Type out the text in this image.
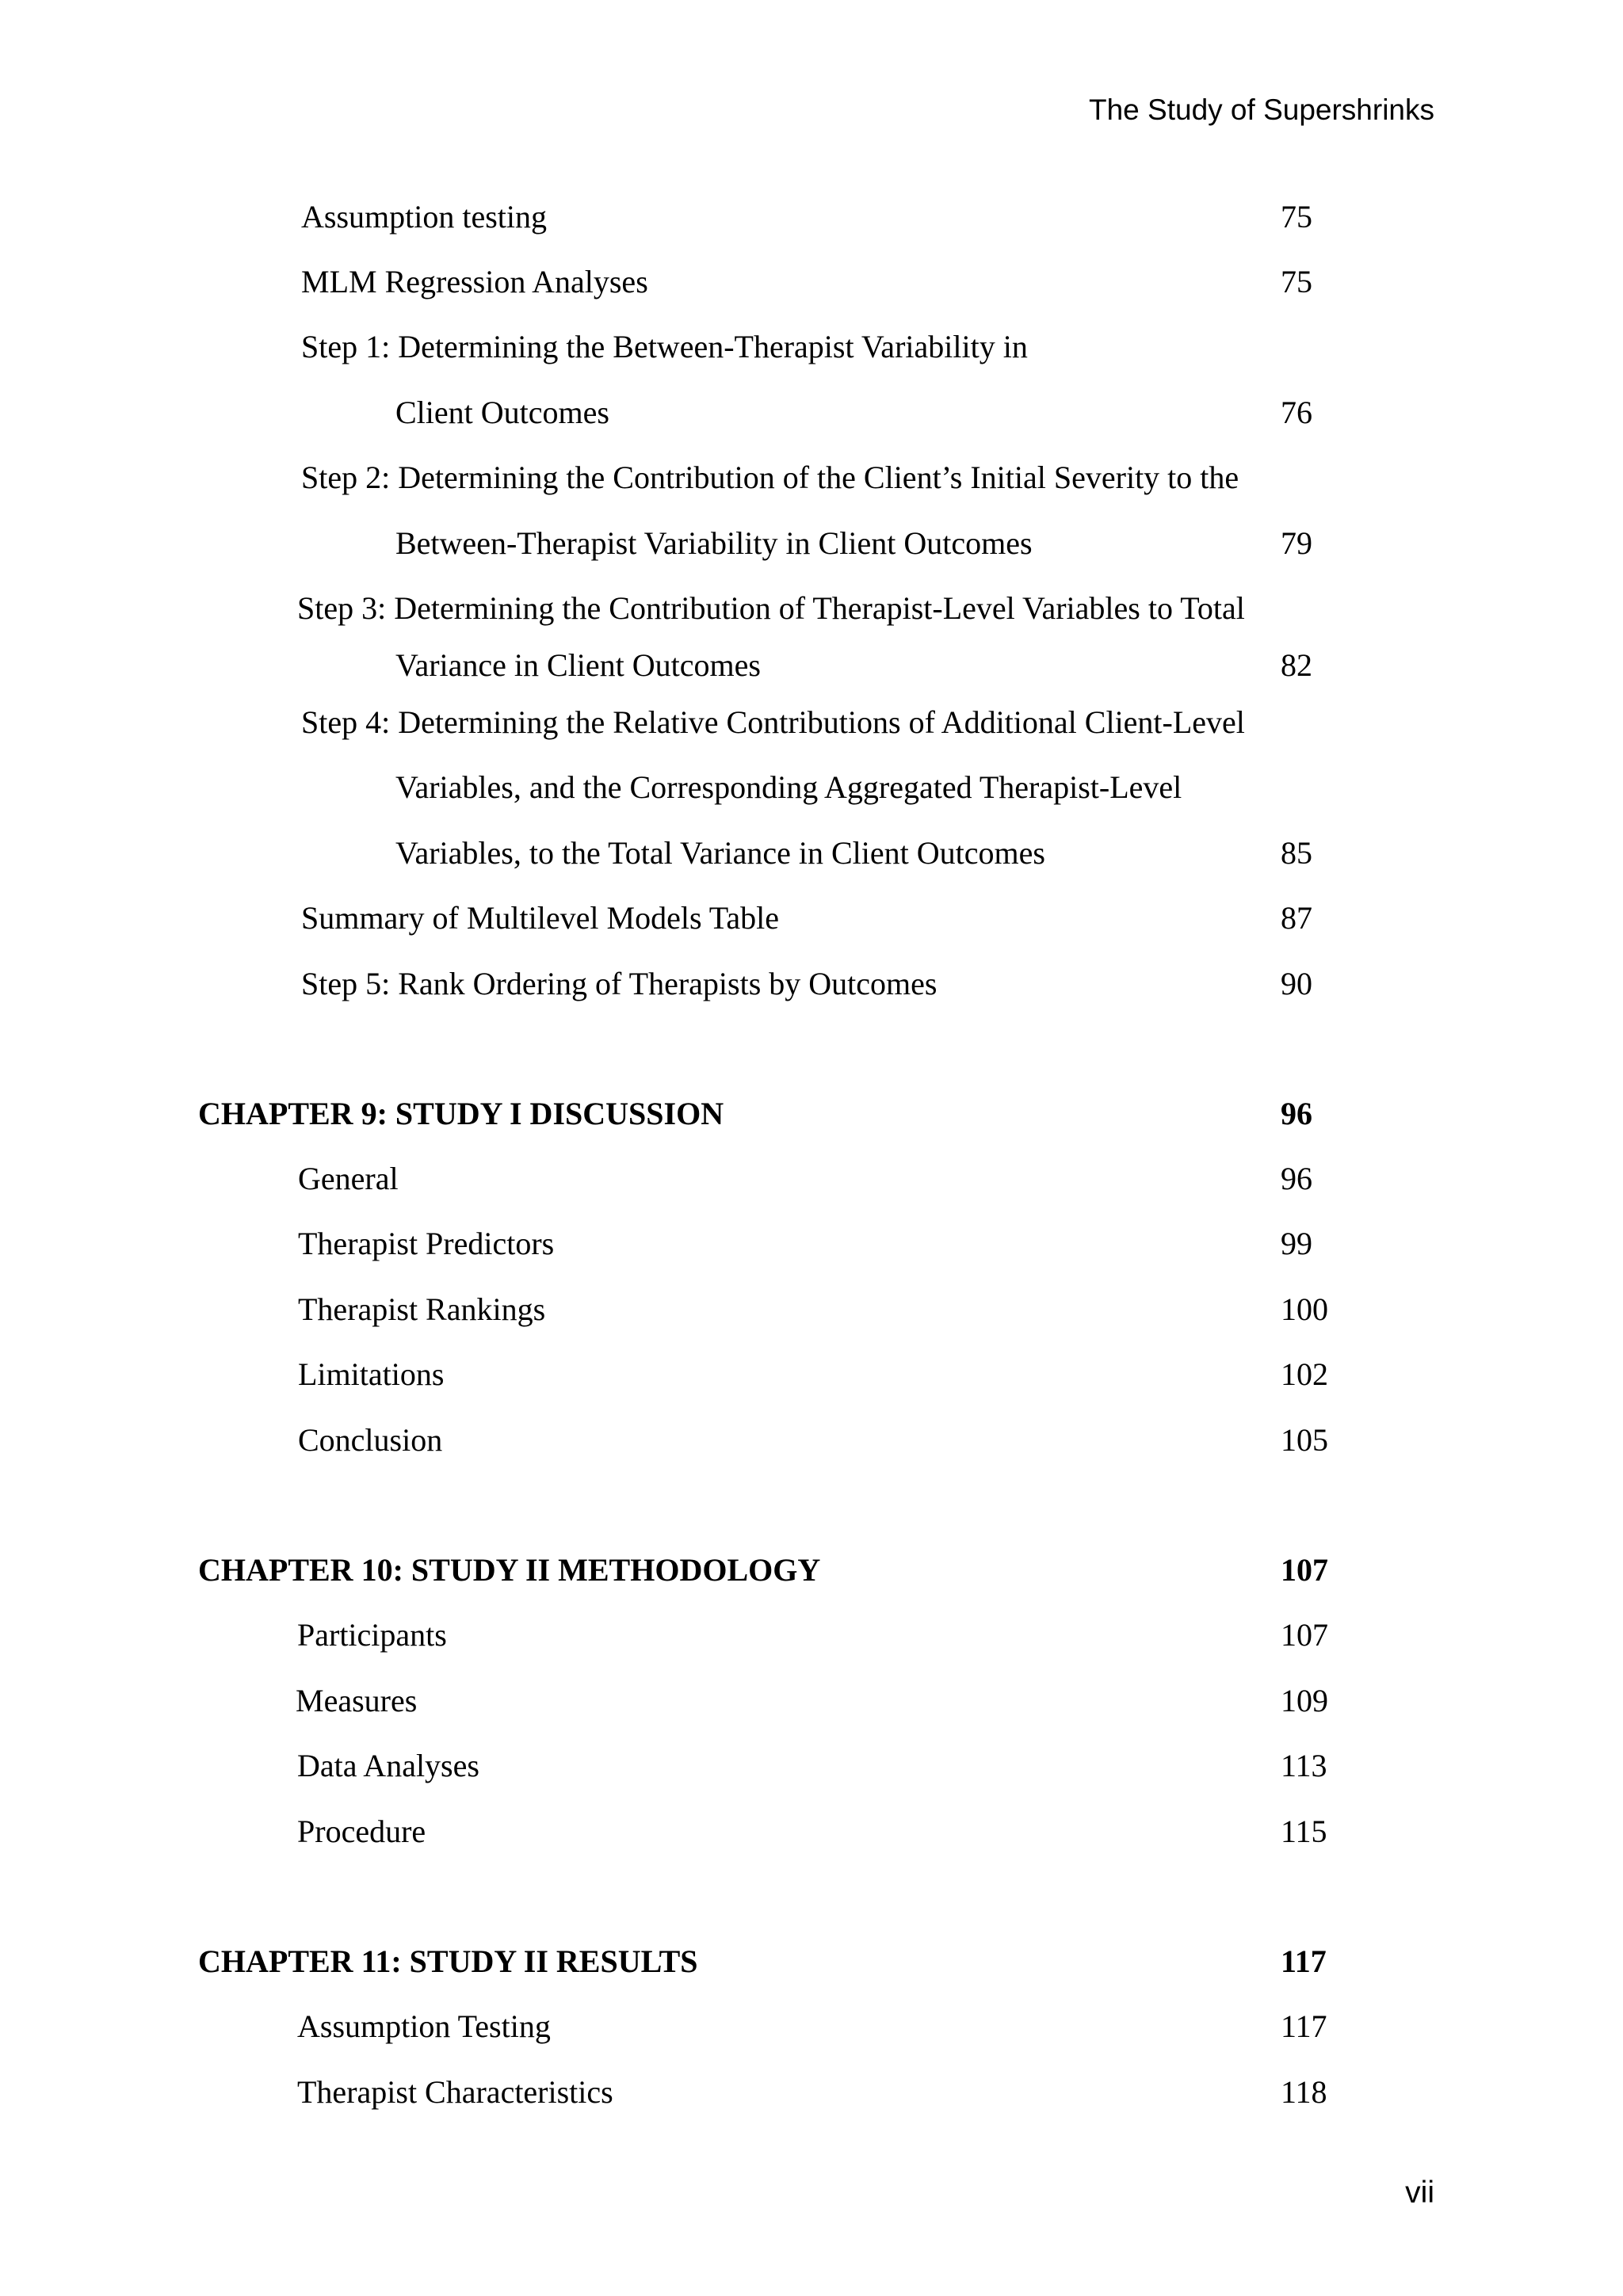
The Study of Supershrinks
Assumption testing	75
MLM Regression Analyses	75
Step 1: Determining the Between-Therapist Variability in
Client Outcomes	76
Step 2: Determining the Contribution of the Client’s Initial Severity to the
Between-Therapist Variability in Client Outcomes	79
Step 3: Determining the Contribution of Therapist-Level Variables to Total
Variance in Client Outcomes	82
Step 4: Determining the Relative Contributions of Additional Client-Level
Variables, and the Corresponding Aggregated Therapist-Level
Variables, to the Total Variance in Client Outcomes	85
Summary of Multilevel Models Table	87
Step 5: Rank Ordering of Therapists by Outcomes	90
CHAPTER 9: STUDY I DISCUSSION	96
General	96
Therapist Predictors	99
Therapist Rankings	100
Limitations	102
Conclusion	105
CHAPTER 10: STUDY II METHODOLOGY	107
Participants	107
Measures	109
Data Analyses	113
Procedure	115
CHAPTER 11: STUDY II RESULTS	117
Assumption Testing	117
Therapist Characteristics	118
vii
